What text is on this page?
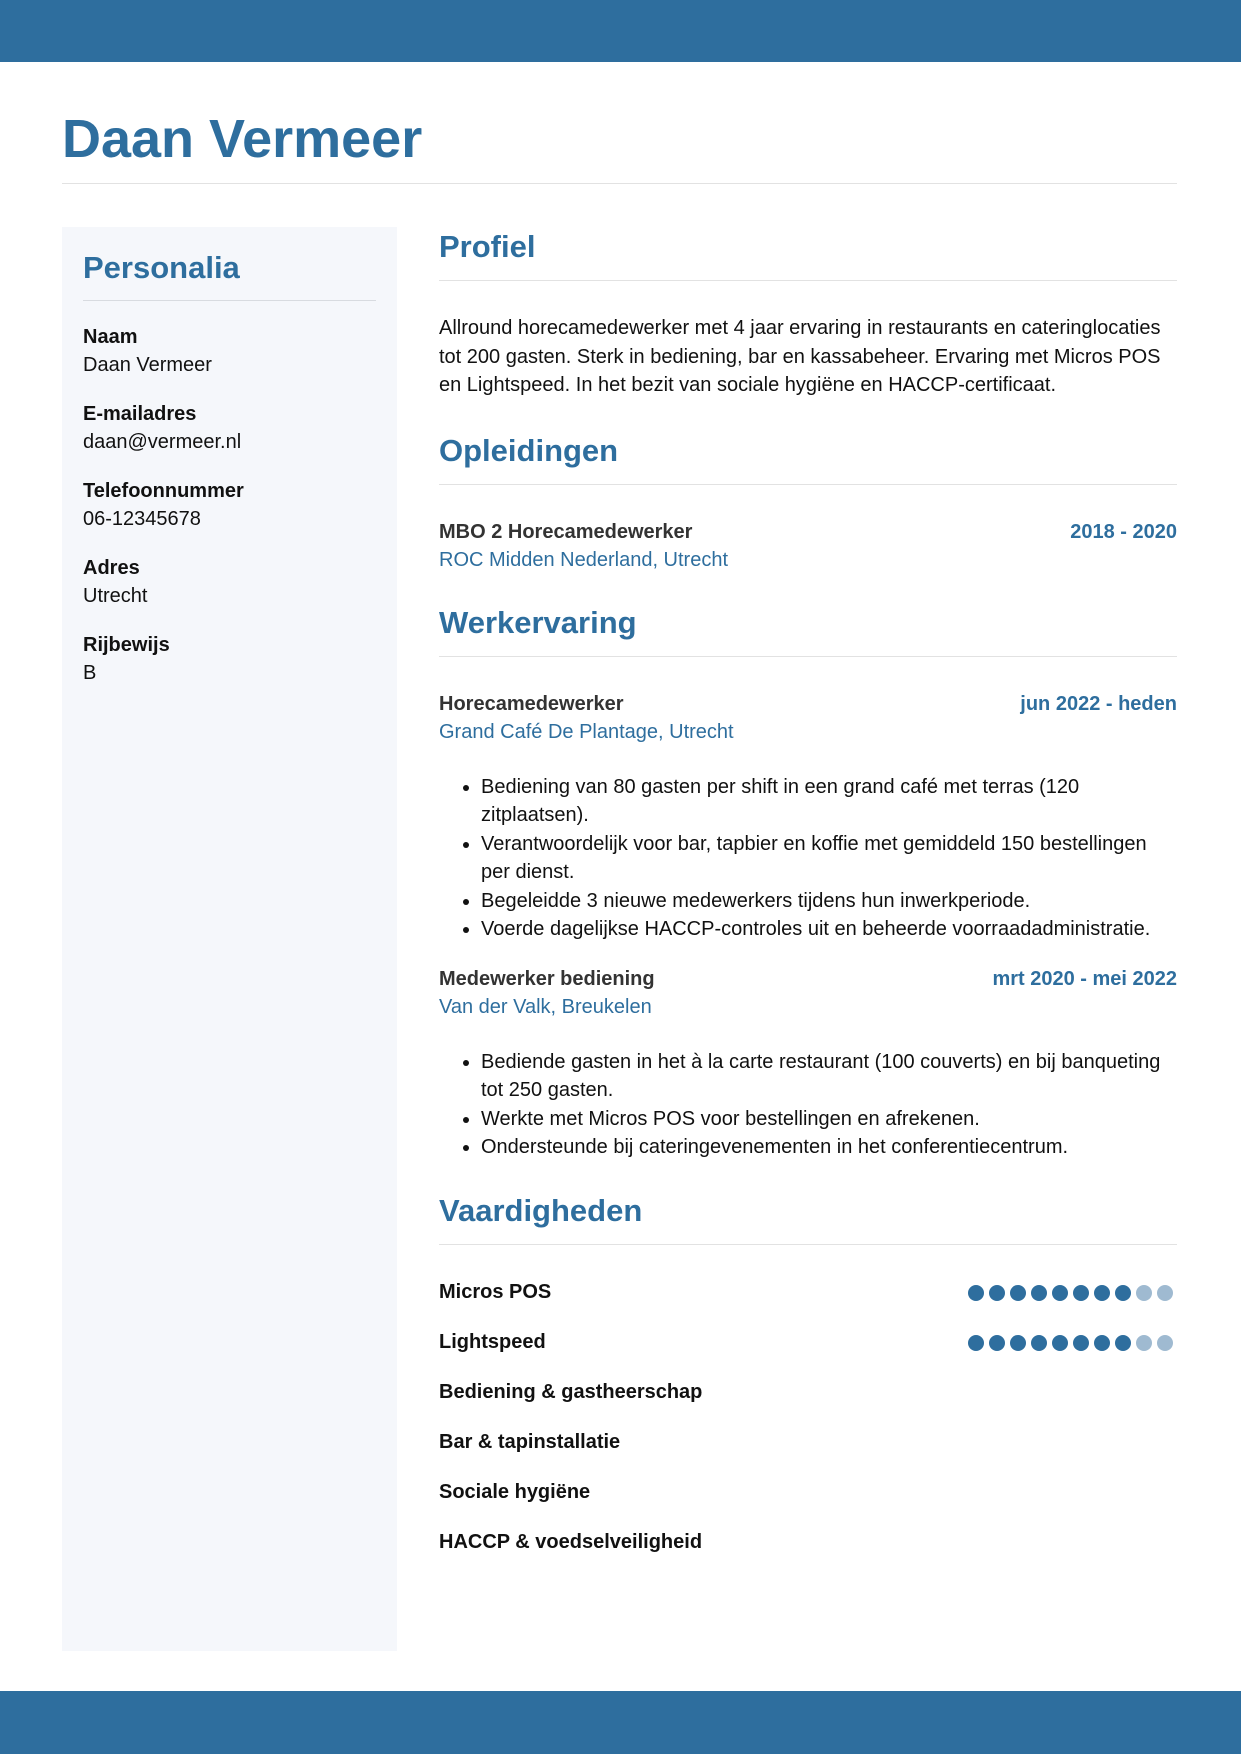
Daan Vermeer
Personalia
Naam
Daan Vermeer
E-mailadres
daan@vermeer.nl
Telefoonnummer
06-12345678
Adres
Utrecht
Rijbewijs
B
Profiel

Allround horecamedewerker met 4 jaar ervaring in restaurants en cateringlocaties tot 200 gasten. Sterk in bediening, bar en kassabeheer. Ervaring met Micros POS en Lightspeed. In het bezit van sociale hygiëne en HACCP-certificaat.

Opleidingen
MBO 2 Horecamedewerker	2018 - 2020
ROC Midden Nederland, Utrecht
Werkervaring
Horecamedewerker	jun 2022 - heden
Grand Café De Plantage, Utrecht
• Bediening van 80 gasten per shift in een grand café met terras (120 zitplaatsen).
• Verantwoordelijk voor bar, tapbier en koffie met gemiddeld 150 bestellingen per dienst.
• Begeleidde 3 nieuwe medewerkers tijdens hun inwerkperiode.
• Voerde dagelijkse HACCP-controles uit en beheerde voorraadadministratie.
Medewerker bediening	mrt 2020 - mei 2022
Van der Valk, Breukelen
• Bediende gasten in het à la carte restaurant (100 couverts) en bij banqueting tot 250 gasten.
• Werkte met Micros POS voor bestellingen en afrekenen.
• Ondersteunde bij cateringevenementen in het conferentiecentrum.
Vaardigheden
Micros POS
Lightspeed
Bediening & gastheerschap
Bar & tapinstallatie
Sociale hygiëne
HACCP & voedselveiligheid
